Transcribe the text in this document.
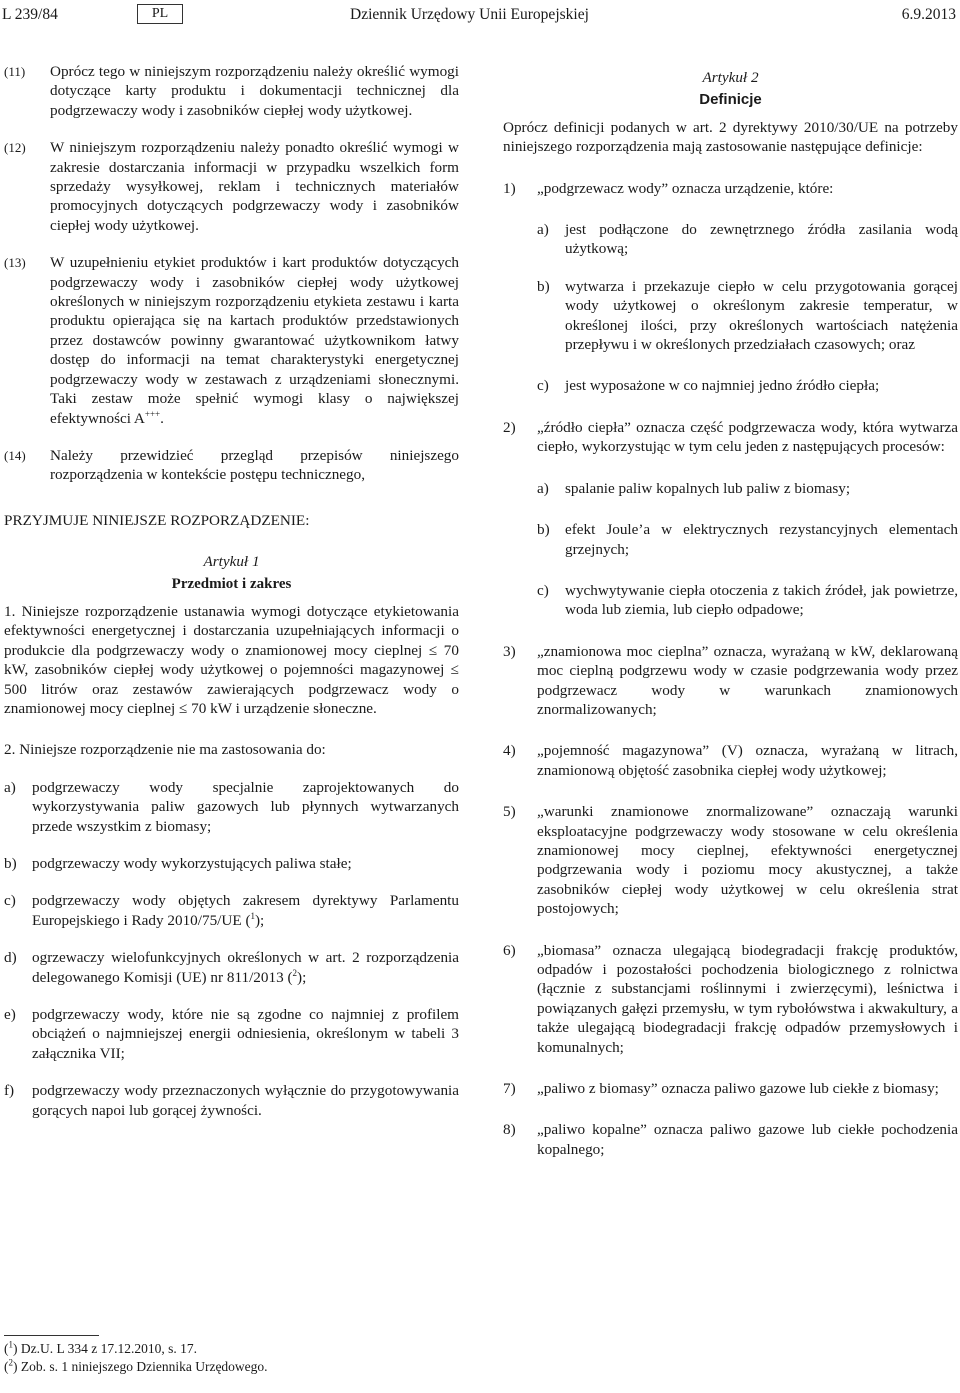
L 239/84	PL	Dziennik Urzędowy Unii Europejskiej	6.9.2013
(11) Oprócz tego w niniejszym rozporządzeniu należy określić wymogi dotyczące karty produktu i dokumentacji technicznej dla podgrzewaczy wody i zasobników ciepłej wody użytkowej.
(12) W niniejszym rozporządzeniu należy ponadto określić wymogi w zakresie dostarczania informacji w przypadku wszelkich form sprzedaży wysyłkowej, reklam i technicznych materiałów promocyjnych dotyczących podgrzewaczy wody i zasobników ciepłej wody użytkowej.
(13) W uzupełnieniu etykiet produktów i kart produktów dotyczących podgrzewaczy wody i zasobników ciepłej wody użytkowej określonych w niniejszym rozporządzeniu etykieta zestawu i karta produktu opierająca się na kartach produktów przedstawionych przez dostawców powinny gwarantować użytkownikom łatwy dostęp do informacji na temat charakterystyki energetycznej podgrzewaczy wody w zestawach z urządzeniami słonecznymi. Taki zestaw może spełnić wymogi klasy o największej efektywności A+++.
(14) Należy przewidzieć przegląd przepisów niniejszego rozporządzenia w kontekście postępu technicznego,
PRZYJMUJE NINIEJSZE ROZPORZĄDZENIE:
Artykuł 1
Przedmiot i zakres
1. Niniejsze rozporządzenie ustanawia wymogi dotyczące etykietowania efektywności energetycznej i dostarczania uzupełniających informacji o produkcie dla podgrzewaczy wody o znamionowej mocy cieplnej ≤ 70 kW, zasobników ciepłej wody użytkowej o pojemności magazynowej ≤ 500 litrów oraz zestawów zawierających podgrzewacz wody o znamionowej mocy cieplnej ≤ 70 kW i urządzenie słoneczne.
2. Niniejsze rozporządzenie nie ma zastosowania do:
a) podgrzewaczy wody specjalnie zaprojektowanych do wykorzystywania paliw gazowych lub płynnych wytwarzanych przede wszystkim z biomasy;
b) podgrzewaczy wody wykorzystujących paliwa stałe;
c) podgrzewaczy wody objętych zakresem dyrektywy Parlamentu Europejskiego i Rady 2010/75/UE ($^1$);
d) ogrzewaczy wielofunkcyjnych określonych w art. 2 rozporządzenia delegowanego Komisji (UE) nr 811/2013 ($^2$);
e) podgrzewaczy wody, które nie są zgodne co najmniej z profilem obciążeń o najmniejszej energii odniesienia, określonym w tabeli 3 załącznika VII;
f) podgrzewaczy wody przeznaczonych wyłącznie do przygotowywania gorących napoi lub gorącej żywności.
($^1$) Dz.U. L 334 z 17.12.2010, s. 17.
($^2$) Zob. s. 1 niniejszego Dziennika Urzędowego.
Artykuł 2
Definicje
Oprócz definicji podanych w art. 2 dyrektywy 2010/30/UE na potrzeby niniejszego rozporządzenia mają zastosowanie następujące definicje:
1) „podgrzewacz wody” oznacza urządzenie, które:
a) jest podłączone do zewnętrznego źródła zasilania wodą użytkową;
b) wytwarza i przekazuje ciepło w celu przygotowania gorącej wody użytkowej o określonym zakresie temperatur, w określonej ilości, przy określonych wartościach natężenia przepływu i w określonych przedziałach czasowych; oraz
c) jest wyposażone w co najmniej jedno źródło ciepła;
2) „źródło ciepła” oznacza część podgrzewacza wody, która wytwarza ciepło, wykorzystując w tym celu jeden z następujących procesów:
a) spalanie paliw kopalnych lub paliw z biomasy;
b) efekt Joule’a w elektrycznych rezystancyjnych elementach grzejnych;
c) wychwytywanie ciepła otoczenia z takich źródeł, jak powietrze, woda lub ziemia, lub ciepło odpadowe;
3) „znamionowa moc cieplna” oznacza, wyrażaną w kW, deklarowaną moc cieplną podgrzewu wody w czasie podgrzewania wody przez podgrzewacz wody w warunkach znamionowych znormalizowanych;
4) „pojemność magazynowa” (V) oznacza, wyrażaną w litrach, znamionową objętość zasobnika ciepłej wody użytkowej;
5) „warunki znamionowe znormalizowane” oznaczają warunki eksploatacyjne podgrzewaczy wody stosowane w celu określenia znamionowej mocy cieplnej, efektywności energetycznej podgrzewania wody i poziomu mocy akustycznej, a także zasobników ciepłej wody użytkowej w celu określenia strat postojowych;
6) „biomasa” oznacza ulegającą biodegradacji frakcję produktów, odpadów i pozostałości pochodzenia biologicznego z rolnictwa (łącznie z substancjami roślinnymi i zwierzęcymi), leśnictwa i powiązanych gałęzi przemysłu, w tym rybołówstwa i akwakultury, a także ulegającą biodegradacji frakcję odpadów przemysłowych i komunalnych;
7) „paliwo z biomasy” oznacza paliwo gazowe lub ciekłe z biomasy;
8) „paliwo kopalne” oznacza paliwo gazowe lub ciekłe pochodzenia kopalnego;
